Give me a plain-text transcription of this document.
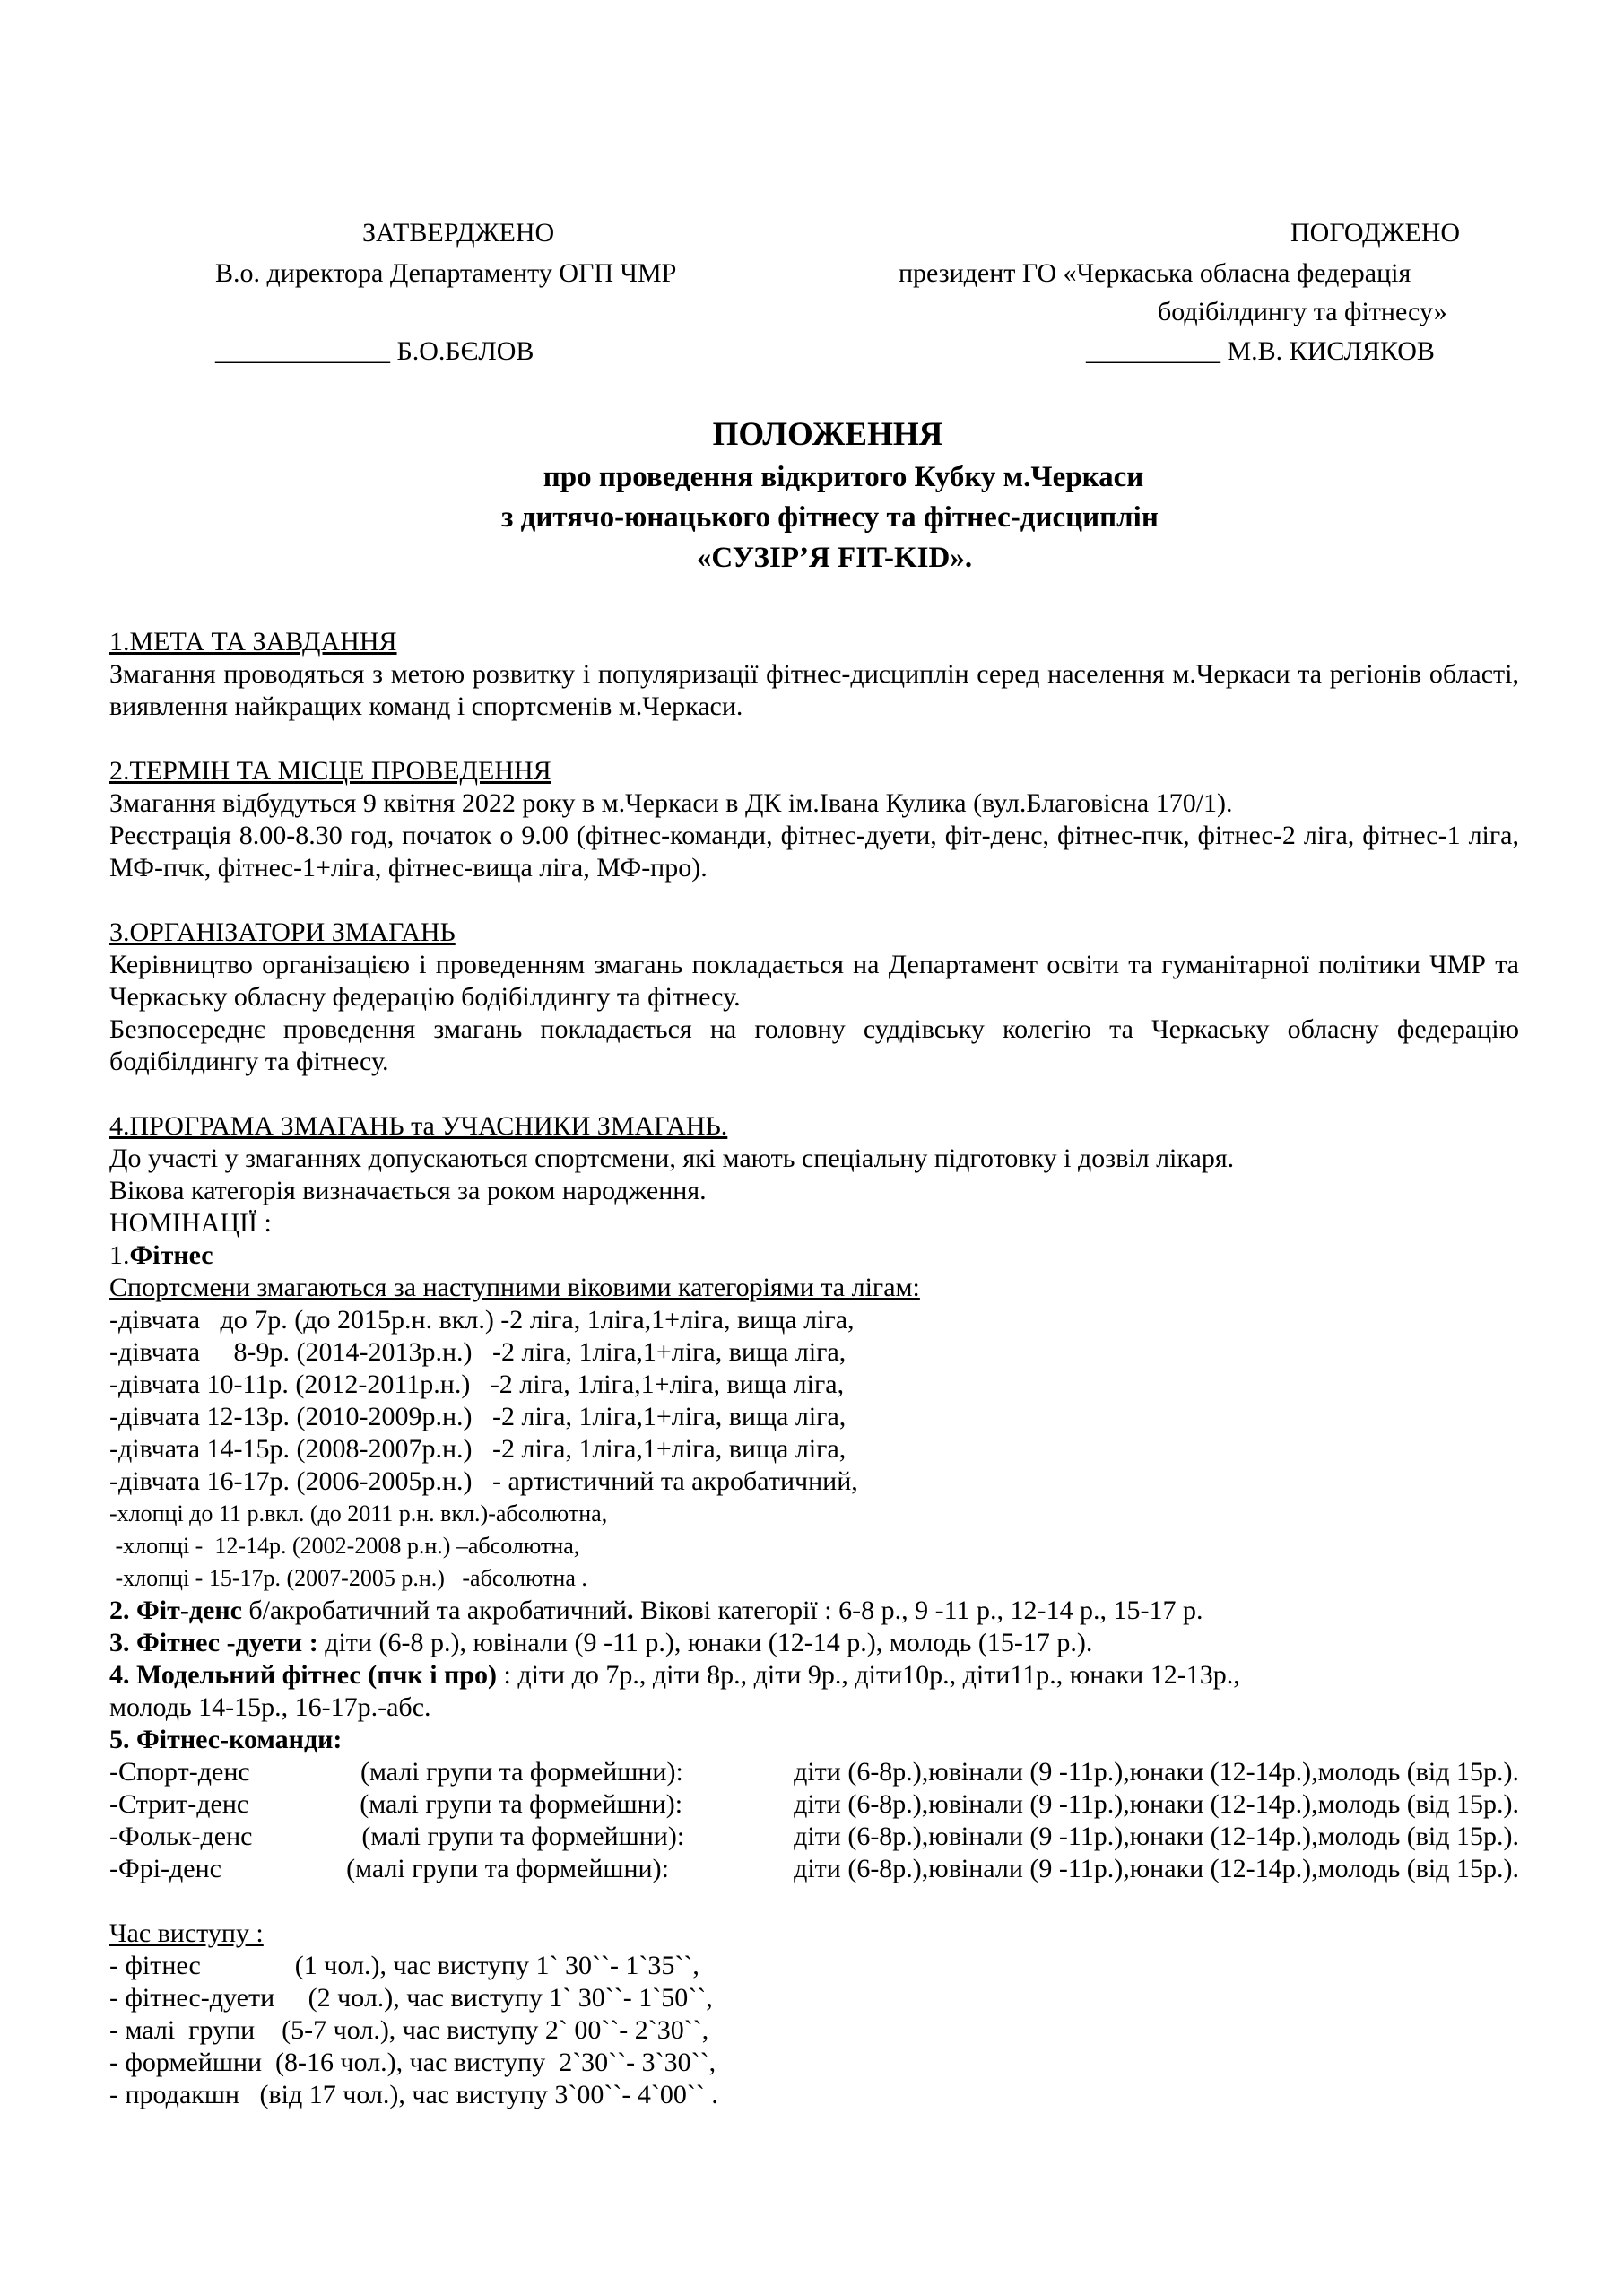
ЗАТВЕРДЖЕНО
В.о. директора Департаменту ОГП ЧМР
_____________ Б.О.БЄЛОВ
ПОГОДЖЕНО
президент ГО «Черкаська обласна федерація
бодібілдингу та фітнесу»
__________ М.В. КИСЛЯКОВ
ПОЛОЖЕННЯ
про проведення відкритого Кубку м.Черкаси
з дитячо-юнацького фітнесу та фітнес-дисциплін
«СУЗІР’Я FIT-KID».
1.МЕТА ТА ЗАВДАННЯ
Змагання проводяться з метою розвитку і популяризації фітнес-дисциплін серед населення м.Черкаси та регіонів області, виявлення найкращих команд і спортсменів м.Черкаси.
2.ТЕРМІН ТА МІСЦЕ ПРОВЕДЕННЯ
Змагання відбудуться 9 квітня 2022 року в м.Черкаси в ДК ім.Івана Кулика (вул.Благовісна 170/1).
Реєстрація 8.00-8.30 год, початок о 9.00 (фітнес-команди, фітнес-дуети, фіт-денс, фітнес-пчк, фітнес-2 ліга, фітнес-1 ліга, МФ-пчк, фітнес-1+ліга, фітнес-вища ліга, МФ-про).
3.ОРГАНІЗАТОРИ ЗМАГАНЬ
Керівництво організацією і проведенням змагань покладається на Департамент освіти та гуманітарної політики ЧМР та Черкаську обласну федерацію бодібілдингу та фітнесу.
Безпосереднє проведення змагань покладається на головну суддівську колегію та Черкаську обласну федерацію бодібілдингу та фітнесу.
4.ПРОГРАМА ЗМАГАНЬ та УЧАСНИКИ ЗМАГАНЬ.
До участі у змаганнях допускаються спортсмени, які мають спеціальну підготовку і дозвіл лікаря.
Вікова категорія визначається за роком народження.
НОМІНАЦІЇ :
1.Фітнес
Спортсмени змагаються за наступними віковими категоріями та лігам:
-дівчата   до 7р. (до 2015р.н. вкл.) -2 ліга, 1ліга,1+ліга, вища ліга,
-дівчата     8-9р. (2014-2013р.н.)   -2 ліга, 1ліга,1+ліга, вища ліга,
-дівчата 10-11р. (2012-2011р.н.)   -2 ліга, 1ліга,1+ліга, вища ліга,
-дівчата 12-13р. (2010-2009р.н.)   -2 ліга, 1ліга,1+ліга, вища ліга,
-дівчата 14-15р. (2008-2007р.н.)   -2 ліга, 1ліга,1+ліга, вища ліга,
-дівчата 16-17р. (2006-2005р.н.)   - артистичний та акробатичний,
-хлопці до 11 р.вкл. (до 2011 р.н. вкл.)-абсолютна,
-хлопці -  12-14р. (2002-2008 р.н.) –абсолютна,
-хлопці - 15-17р. (2007-2005 р.н.)   -абсолютна .
2. Фіт-денс б/акробатичний та акробатичний. Вікові категорії : 6-8 р., 9 -11 р., 12-14 р., 15-17 р.
3. Фітнес -дуети : діти (6-8 р.), ювінали (9 -11 р.), юнаки (12-14 р.), молодь (15-17 р.).
4. Модельний фітнес (пчк і про) : діти до 7р., діти 8р., діти 9р., діти10р., діти11р., юнаки 12-13р.,
молодь 14-15р., 16-17р.-абс.
5. Фітнес-команди:
-Спорт-денс	(малі групи та формейшни):	діти (6-8р.),ювінали (9 -11р.),юнаки (12-14р.),молодь (від 15р.).
-Стрит-денс	(малі групи та формейшни):	діти (6-8р.),ювінали (9 -11р.),юнаки (12-14р.),молодь (від 15р.).
-Фольк-денс	(малі групи та формейшни):	діти (6-8р.),ювінали (9 -11р.),юнаки (12-14р.),молодь (від 15р.).
-Фрі-денс	(малі групи та формейшни):	діти (6-8р.),ювінали (9 -11р.),юнаки (12-14р.),молодь (від 15р.).
Час виступу :
- фітнес              (1 чол.), час виступу 1` 30``- 1`35``,
- фітнес-дуети     (2 чол.), час виступу 1` 30``- 1`50``,
- малі  групи    (5-7 чол.), час виступу 2` 00``- 2`30``,
- формейшни  (8-16 чол.), час виступу  2`30``- 3`30``,
- продакшн   (від 17 чол.), час виступу 3`00``- 4`00`` .
